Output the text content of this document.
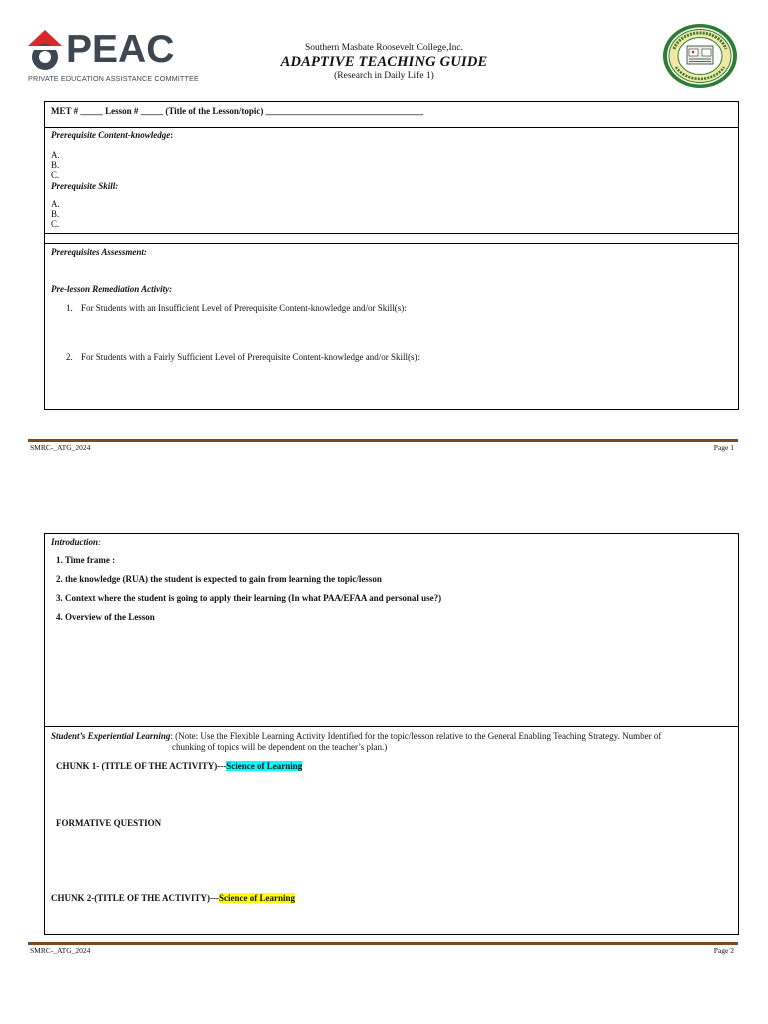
PEAC
PRIVATE EDUCATION ASSISTANCE COMMITTEE
Southern Masbate Roosevelt College,Inc.
ADAPTIVE TEACHING GUIDE
(Research in Daily Life 1)
MET # _____ Lesson # _____ (Title of the Lesson/topic) ___________________________________
Prerequisite Content-knowledge:
A.
B.
C.
Prerequisite Skill:
A.
B.
C.
Prerequisites Assessment:
Pre-lesson Remediation Activity:
1. For Students with an Insufficient Level of Prerequisite Content-knowledge and/or Skill(s):
2. For Students with a Fairly Sufficient Level of Prerequisite Content-knowledge and/or Skill(s):
SMRC-_ATG_2024	Page 1
Introduction:
1. Time frame :
2. the knowledge (RUA) the student is expected to gain from learning the topic/lesson
3. Context where the student is going to apply their learning (In what PAA/EFAA and personal use?)
4. Overview of the Lesson
Student’s Experiential Learning: (Note: Use the Flexible Learning Activity Identified for the topic/lesson relative to the General Enabling Teaching Strategy. Number of
chunking of topics will be dependent on the teacher’s plan.)
CHUNK 1- (TITLE OF THE ACTIVITY)---Science of Learning
FORMATIVE QUESTION
CHUNK 2-(TITLE OF THE ACTIVITY)---Science of Learning
SMRC-_ATG_2024	Page 2
